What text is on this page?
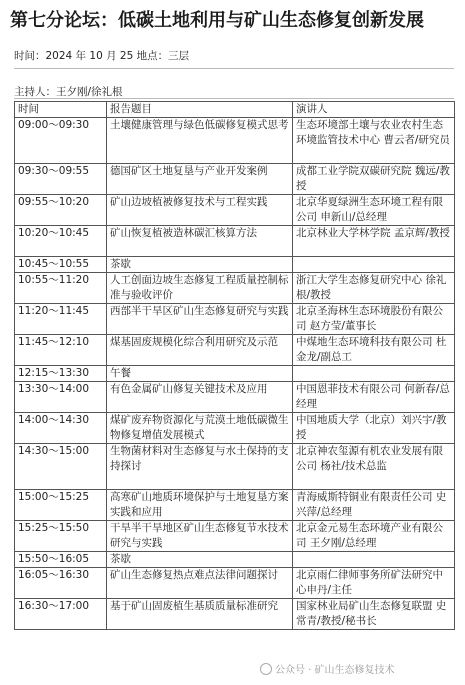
第七分论坛：低碳土地利用与矿山生态修复创新发展
时间：2024 年 10 月 25 地点：三层
主持人：王夕刚/徐礼根
时间	报告题目	演讲人
09:00～09:30	土壤健康管理与绿色低碳修复模式思考	生态环境部土壤与农业农村生态环境监管技术中心 曹云者/研究员
09:30～09:55	德国矿区土地复垦与产业开发案例	成都工业学院双碳研究院 魏远/教授
09:55～10:20	矿山边坡植被修复技术与工程实践	北京华夏绿洲生态环境工程有限公司 申新山/总经理
10:20～10:45	矿山恢复植被造林碳汇核算方法	北京林业大学林学院 孟京辉/教授
10:45～10:55	茶歇	
10:55～11:20	人工创面边坡生态修复工程质量控制标准与验收评价	浙江大学生态修复研究中心 徐礼根/教授
11:20～11:45	西部半干旱区矿山生态修复研究与实践	北京圣海林生态环境股份有限公司 赵方莹/董事长
11:45～12:10	煤基固废规模化综合利用研究及示范	中煤地生态环境科技有限公司 杜金龙/副总工
12:15～13:30	午餐	
13:30～14:00	有色金属矿山修复关键技术及应用	中国恩菲技术有限公司 何新春/总经理
14:00～14:30	煤矿废弃物资源化与荒漠土地低碳微生物修复增值发展模式	中国地质大学（北京）刘兴宇/教授
14:30～15:00	生物菌材料对生态修复与水土保持的支持探讨	北京神农玺源有机农业发展有限公司 杨社/技术总监
15:00～15:25	高寒矿山地质环境保护与土地复垦方案实践和应用	青海威斯特铜业有限责任公司 史兴萍/总经理
15:25～15:50	干旱半干旱地区矿山生态修复节水技术研究与实践	北京金元易生态环境产业有限公司 王夕刚/总经理
15:50～16:05	茶歇	
16:05～16:30	矿山生态修复热点难点法律问题探讨	北京雨仁律师事务所矿法研究中心申丹/主任
16:30～17:00	基于矿山固废植生基质质量标准研究	国家林业局矿山生态修复联盟 史常青/教授/秘书长
公众号 · 矿山生态修复技术
